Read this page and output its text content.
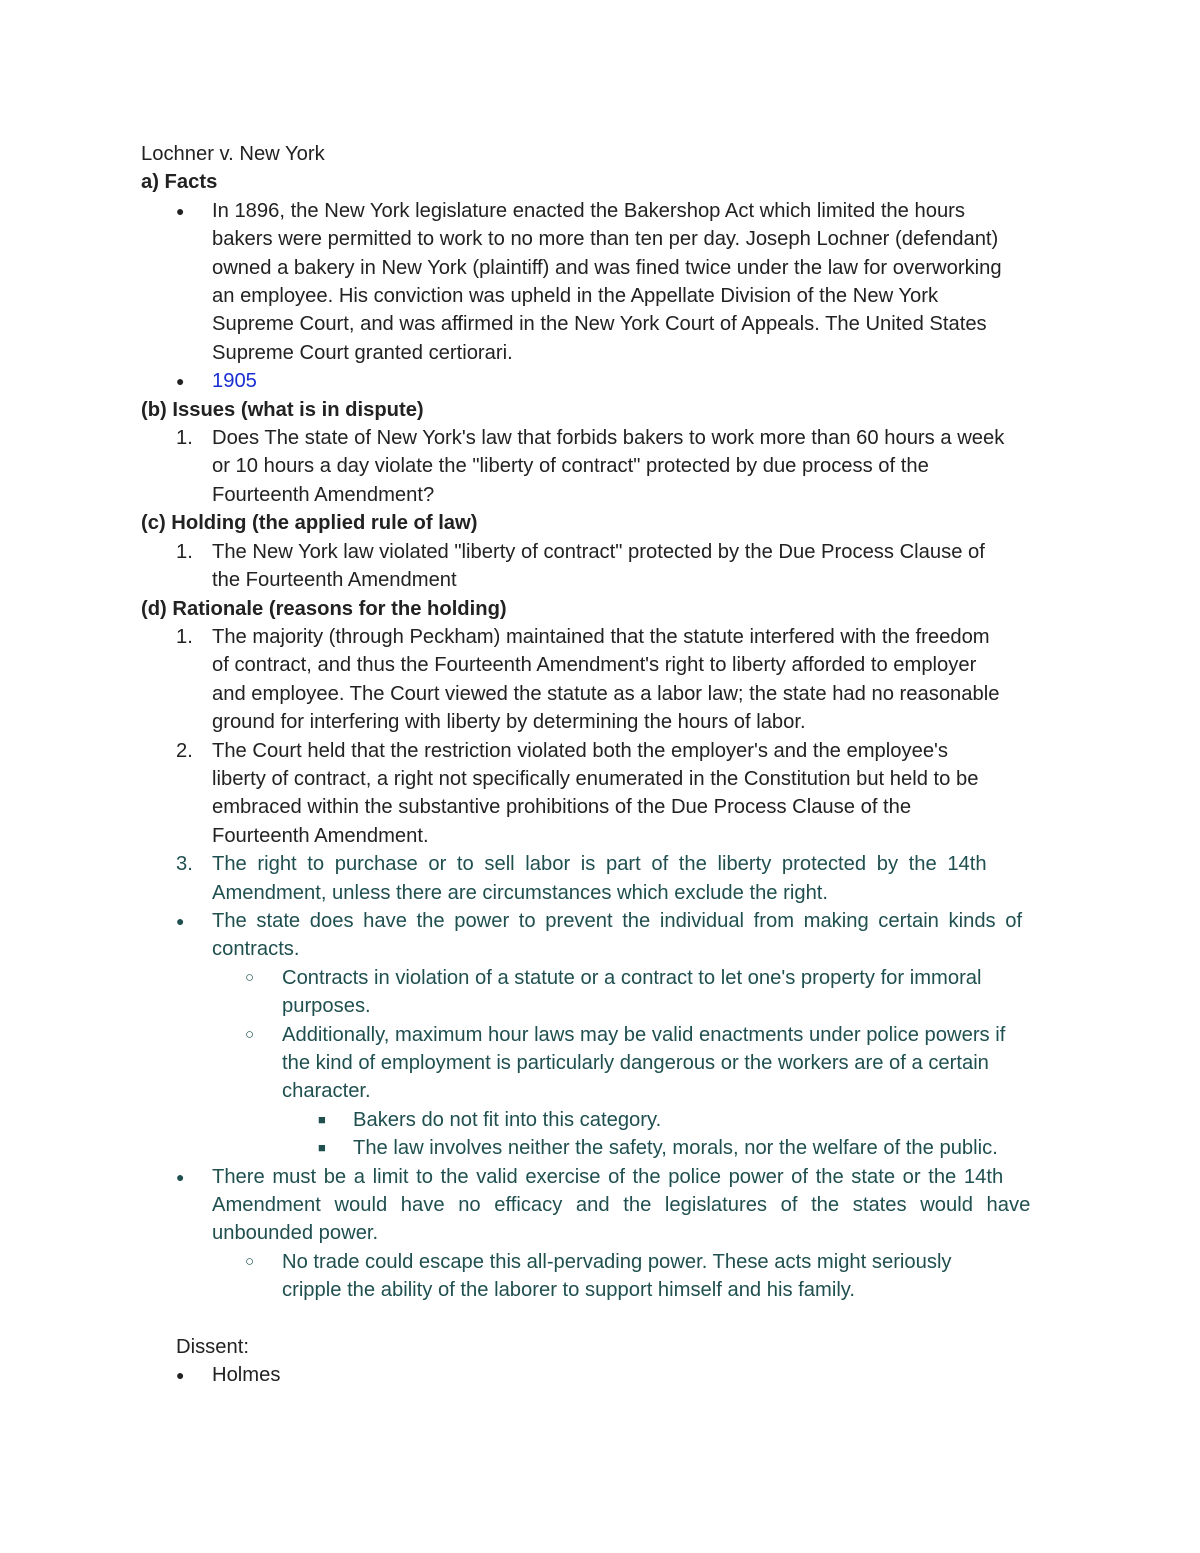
Lochner v. New York
a) Facts
● In 1896, the New York legislature enacted the Bakershop Act which limited the hours
bakers were permitted to work to no more than ten per day. Joseph Lochner (defendant)
owned a bakery in New York (plaintiff) and was fined twice under the law for overworking
an employee. His conviction was upheld in the Appellate Division of the New York
Supreme Court, and was affirmed in the New York Court of Appeals. The United States
Supreme Court granted certiorari.
● 1905
(b) Issues (what is in dispute)
1. Does The state of New York's law that forbids bakers to work more than 60 hours a week
or 10 hours a day violate the "liberty of contract" protected by due process of the
Fourteenth Amendment?
(c) Holding (the applied rule of law)
1. The New York law violated "liberty of contract" protected by the Due Process Clause of
the Fourteenth Amendment
(d) Rationale (reasons for the holding)
1. The majority (through Peckham) maintained that the statute interfered with the freedom
of contract, and thus the Fourteenth Amendment's right to liberty afforded to employer
and employee. The Court viewed the statute as a labor law; the state had no reasonable
ground for interfering with liberty by determining the hours of labor.
2. The Court held that the restriction violated both the employer's and the employee's
liberty of contract, a right not specifically enumerated in the Constitution but held to be
embraced within the substantive prohibitions of the Due Process Clause of the
Fourteenth Amendment.
3. The right to purchase or to sell labor is part of the liberty protected by the 14th
Amendment, unless there are circumstances which exclude the right.
● The state does have the power to prevent the individual from making certain kinds of
contracts.
○ Contracts in violation of a statute or a contract to let one's property for immoral
purposes.
○ Additionally, maximum hour laws may be valid enactments under police powers if
the kind of employment is particularly dangerous or the workers are of a certain
character.
■ Bakers do not fit into this category.
■ The law involves neither the safety, morals, nor the welfare of the public.
● There must be a limit to the valid exercise of the police power of the state or the 14th
Amendment would have no efficacy and the legislatures of the states would have
unbounded power.
○ No trade could escape this all-pervading power. These acts might seriously
cripple the ability of the laborer to support himself and his family.
Dissent:
● Holmes
